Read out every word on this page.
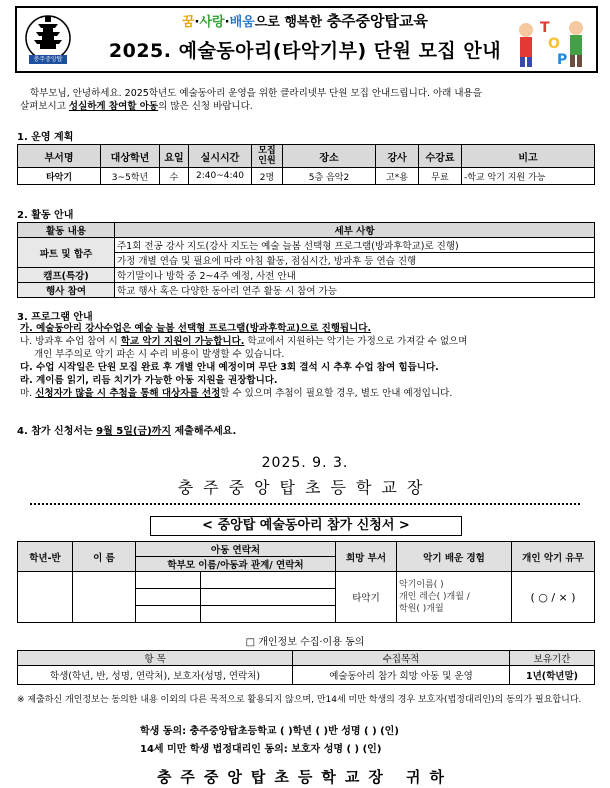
충주중앙탑
꿈·사랑·배움으로 행복한 충주중앙탑교육
2025. 예술동아리(타악기부) 단원 모집 안내
T
O
P

학부모님, 안녕하세요. 2025학년도 예술동아리 운영을 위한 클라리넷부 단원 모집 안내드립니다. 아래 내용을

살펴보시고 성실하게 참여할 아동의 많은 신청 바랍니다.

1. 운영 계획
부서명	대상학년	요일	실시시간	모집인원	장소	강사	수강료	비고
타악기	3~5학년	수	2:40~4:40	2명	5층 음악2	고*용	무료	-학교 악기 지원 가능
2. 활동 안내
활동 내용	세부 사항
파트 및 합주	주1회 전공 강사 지도(강사 지도는 예술 늘봄 선택형 프로그램(방과후학교)로 진행)
	가정 개별 연습 및 필요에 따라 아침 활동, 점심시간, 방과후 등 연습 진행
캠프(특강)	학기말이나 방학 중 2~4주 예정, 사전 안내
행사 참여	학교 행사 혹은 다양한 동아리 연주 활동 시 참여 가능
3. 프로그램 안내

가. 예술동아리 강사수업은 예술 늘봄 선택형 프로그램(방과후학교)으로 진행됩니다.

나. 방과후 수업 참여 시 학교 악기 지원이 가능합니다. 학교에서 지원하는 악기는 가정으로 가져갈 수 없으며

개인 부주의로 악기 파손 시 수리 비용이 발생할 수 있습니다.

다. 수업 시작일은 단원 모집 완료 후 개별 안내 예정이며 무단 3회 결석 시 추후 수업 참여 힘듭니다.

라. 계이름 읽기, 리듬 치기가 가능한 아동 지원을 권장합니다.

마. 신청자가 많을 시 추첨을 통해 대상자를 선정할 수 있으며 추첨이 필요할 경우, 별도 안내 예정입니다.

4. 참가 신청서는 9월 5일(금)까지 제출해주세요.
2025. 9. 3.
충주중앙탑초등학교장
< 중앙탑 예술동아리 참가 신청서 >
학년-반	이 름	아동 연락처		희망 부서	악기 배운 경험	개인 악기 유무
		학부모 이름/아동과 관계/ 연락처				
				타악기	악기이름( )
개인 레슨( )개월 /
학원( )개월	( ○ / × )

□ 개인정보 수집·이용 동의
항 목	수집목적	보유기간
학생(학년, 반, 성명, 연락처), 보호자(성명, 연락처)	예술동아리 참가 희망 아동 및 운영	1년(학년말)
※ 제출하신 개인정보는 동의한 내용 이외의 다른 목적으로 활용되지 않으며, 만14세 미만 학생의 경우 보호자(법정대리인)의 동의가 필요합니다.
학생 동의: 충주중앙탑초등학교 ( )학년 ( )반 성명 ( ) (인)
14세 미만 학생 법정대리인 동의: 보호자 성명 ( ) (인)
충주중앙탑초등학교장 귀하
